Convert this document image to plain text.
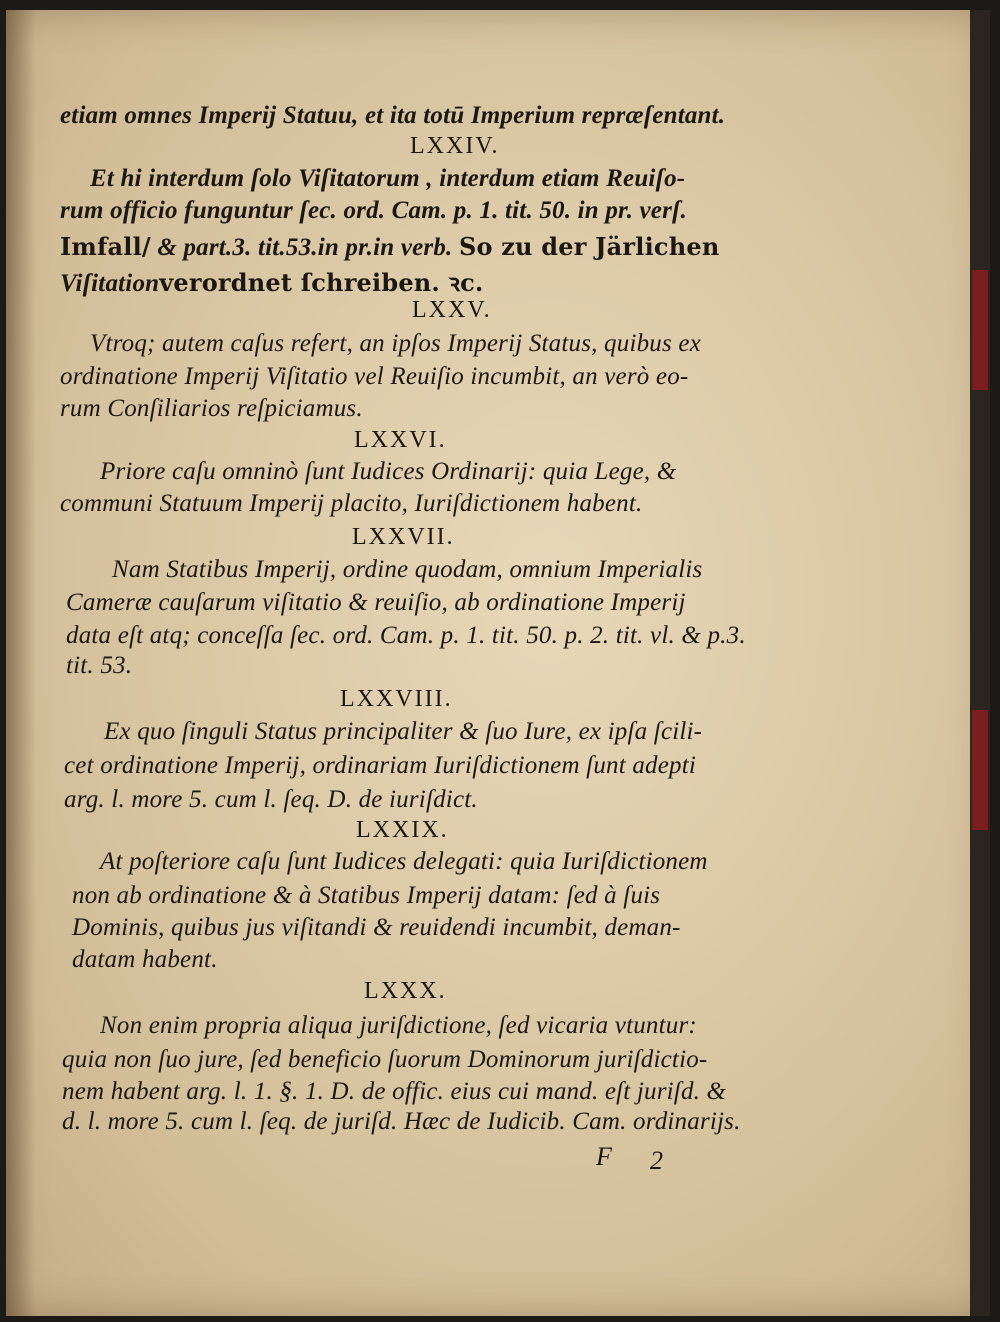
etiam omnes Imperij Statuu, et ita totū Imperium repræſentant.
LXXIV.
Et hi interdum ſolo Viſitatorum , interdum etiam Reuiſo-
rum officio funguntur ſec. ord. Cam. p. 1. tit. 50. in pr. verſ.
Imfall/ & part.3. tit.53.in pr.in verb. So zu der Järlichen
Viſitationverordnet ſchreiben. ꝛc.
LXXV.
Vtroq; autem caſus refert, an ipſos Imperij Status, quibus ex
ordinatione Imperij Viſitatio vel Reuiſio incumbit, an verò eo-
rum Conſiliarios reſpiciamus.
LXXVI.
Priore caſu omninò ſunt Iudices Ordinarij: quia Lege, &
communi Statuum Imperij placito, Iuriſdictionem habent.
LXXVII.
Nam Statibus Imperij, ordine quodam, omnium Imperialis
Cameræ cauſarum viſitatio & reuiſio, ab ordinatione Imperij
data eſt atq; conceſſa ſec. ord. Cam. p. 1. tit. 50. p. 2. tit. vl. & p.3.
tit. 53.
LXXVIII.
Ex quo ſinguli Status principaliter & ſuo Iure, ex ipſa ſcili-
cet ordinatione Imperij, ordinariam Iuriſdictionem ſunt adepti
arg. l. more 5. cum l. ſeq. D. de iuriſdict.
LXXIX.
At poſteriore caſu ſunt Iudices delegati: quia Iuriſdictionem
non ab ordinatione & à Statibus Imperij datam: ſed à ſuis
Dominis, quibus jus viſitandi & reuidendi incumbit, deman-
datam habent.
LXXX.
Non enim propria aliqua juriſdictione, ſed vicaria vtuntur:
quia non ſuo jure, ſed beneficio ſuorum Dominorum juriſdictio-
nem habent arg. l. 1. §. 1. D. de offic. eius cui mand. eſt juriſd. &
d. l. more 5. cum l. ſeq. de juriſd. Hæc de Iudicib. Cam. ordinarijs.
F 2
